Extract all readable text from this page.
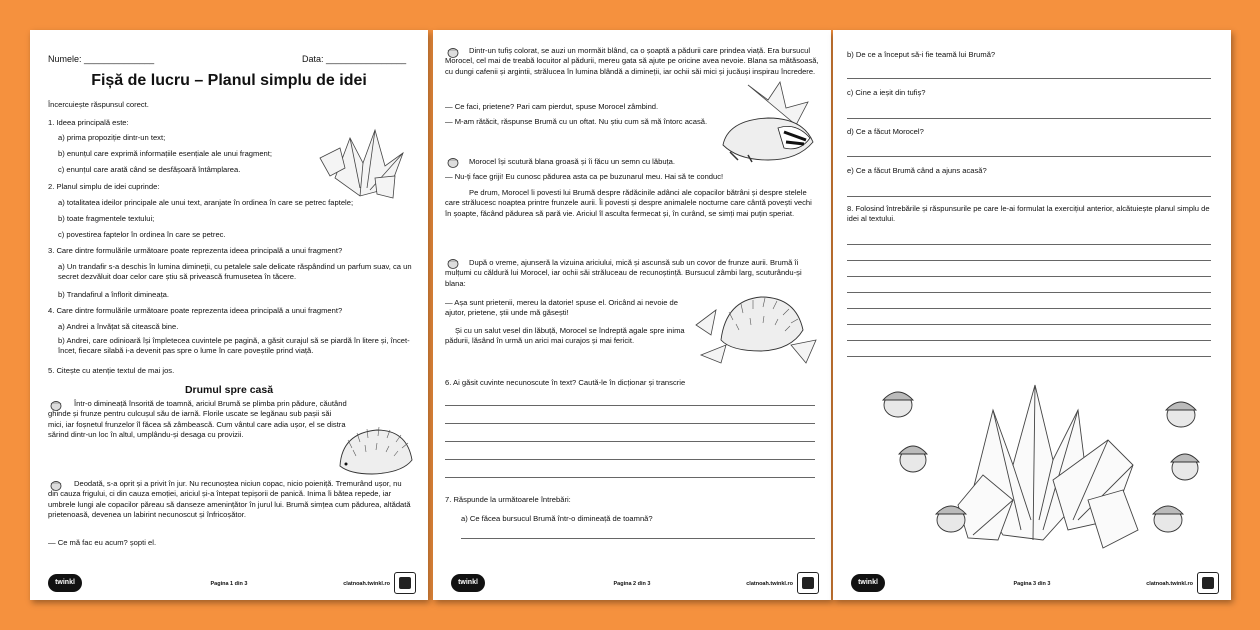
Numele: ______________	Data: ________________
Fișă de lucru – Planul simplu de idei
Încercuiește răspunsul corect.
1. Ideea principală este:
a) prima propoziție dintr-un text;
b) enunțul care exprimă informațiile esențiale ale unui fragment;
c) enunțul care arată când se desfășoară întâmplarea.
2. Planul simplu de idei cuprinde:
a) totalitatea ideilor principale ale unui text, aranjate în ordinea în care se petrec faptele;
b) toate fragmentele textului;
c) povestirea faptelor în ordinea în care se petrec.
3. Care dintre formulările următoare poate reprezenta ideea principală a unui fragment?
a) Un trandafir s-a deschis în lumina dimineții, cu petalele sale delicate răspândind un parfum suav, ca un secret dezvăluit doar celor care știu să privească frumusetea în tăcere.
b) Trandafirul a înflorit dimineața.
4. Care dintre formulările următoare poate reprezenta ideea principală a unui fragment?
a) Andrei a învățat să citească bine.
b) Andrei, care odinioară își împletecea cuvintele pe pagină, a găsit curajul să se piardă în litere și, încet-încet, fiecare silabă i-a devenit pas spre o lume în care poveștile prind viață.
5. Citește cu atenție textul de mai jos.
Drumul spre casă
Într-o dimineață însorită de toamnă, ariciul Brumă se plimba prin pădure, căutând ghinde și frunze pentru culcușul său de iarnă. Florile uscate se legănau sub pașii săi mici, iar foșnetul frunzelor îl făcea să zâmbească. Cum vântul care adia ușor, el se distra sărind dintr-un loc în altul, umplându-și desaga cu provizii.
Deodată, s-a oprit și a privit în jur. Nu recunoștea niciun copac, nicio poieniță. Tremurând ușor, nu din cauza frigului, ci din cauza emoției, ariciul și-a întepat tepișorii de panică. Inima îi bătea repede, iar umbrele lungi ale copacilor păreau să danseze amenințător în jurul lui. Brumă simțea cum pădurea, altădată prietenoasă, devenea un labirint necunoscut și înfricoșător.
— Ce mă fac eu acum? șopti el.
twinkl	Pagina 1 din 3	clatnoah.twinkl.ro
Dintr-un tufiș colorat, se auzi un mormăit blând, ca o șoaptă a pădurii care prindea viață. Era bursucul Morocel, cel mai de treabă locuitor al pădurii, mereu gata să ajute pe oricine avea nevoie. Blana sa mătăsoasă, cu dungi cafenii și argintii, strălucea în lumina blândă a dimineții, iar ochii săi mici și jucăuși inspirau încredere.
— Ce faci, prietene? Pari cam pierdut, spuse Morocel zâmbind.
— M-am rătăcit, răspunse Brumă cu un oftat. Nu știu cum să mă întorc acasă.
Morocel își scutură blana groasă și îi făcu un semn cu lăbuța.
— Nu-ți face griji! Eu cunosc pădurea asta ca pe buzunarul meu. Hai să te conduc!
Pe drum, Morocel îi povesti lui Brumă despre rădăcinile adânci ale copacilor bătrâni și despre stelele care strălucesc noaptea printre frunzele aurii. Îi povesti și despre animalele nocturne care cântă povești vechi în șoapte, făcând pădurea să pară vie. Ariciul îl asculta fermecat și, în curând, se simți mai puțin speriat.
După o vreme, ajunseră la vizuina ariciului, mică și ascunsă sub un covor de frunze aurii. Brumă îi mulțumi cu căldură lui Morocel, iar ochii săi străluceau de recunoștință. Bursucul zâmbi larg, scuturându-și blana:
— Așa sunt prietenii, mereu la datorie! spuse el. Oricând ai nevoie de ajutor, prietene, știi unde mă găsești!
Și cu un salut vesel din lăbuță, Morocel se îndreptă agale spre inima pădurii, lăsând în urmă un arici mai curajos și mai fericit.
6. Ai găsit cuvinte necunoscute în text? Caută-le în dicționar și transcrie
7. Răspunde la următoarele întrebări:
a) Ce făcea bursucul Brumă într-o dimineață de toamnă?
twinkl	Pagina 2 din 3	clatnoah.twinkl.ro
b) De ce a început să-i fie teamă lui Brumă?
c) Cine a ieșit din tufiș?
d) Ce a făcut Morocel?
e) Ce a făcut Brumă când a ajuns acasă?
8. Folosind întrebările și răspunsurile pe care le-ai formulat la exercițiul anterior, alcătuiește planul simplu de idei al textului.
twinkl	Pagina 3 din 3	clatnoah.twinkl.ro
